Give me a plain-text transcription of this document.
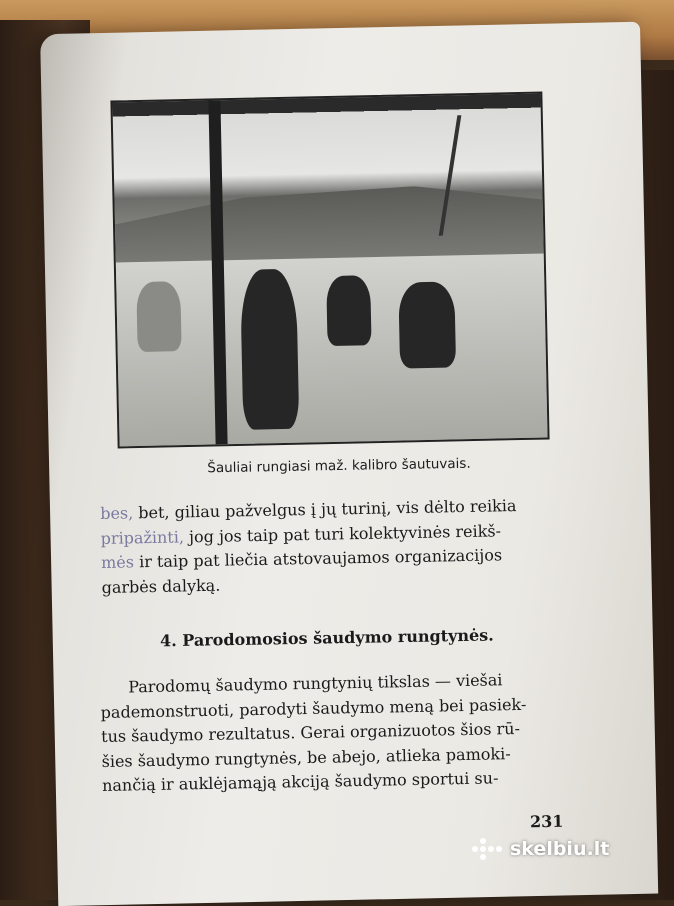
Šauliai rungiasi maž. kalibro šautuvais.
bes, bet, giliau pažvelgus į jų turinį, vis dėlto reikia
pripažinti, jog jos taip pat turi kolektyvinės reikš-
mės ir taip pat liečia atstovaujamos organizacijos
garbės dalyką.
4. Parodomosios šaudymo rungtynės.
Parodomų šaudymo rungtynių tikslas — viešai
pademonstruoti, parodyti šaudymo meną bei pasiek-
tus šaudymo rezultatus. Gerai organizuotos šios rū-
šies šaudymo rungtynės, be abejo, atlieka pamoki-
nančią ir auklėjamąją akciją šaudymo sportui su-
231
skelbiu.lt
